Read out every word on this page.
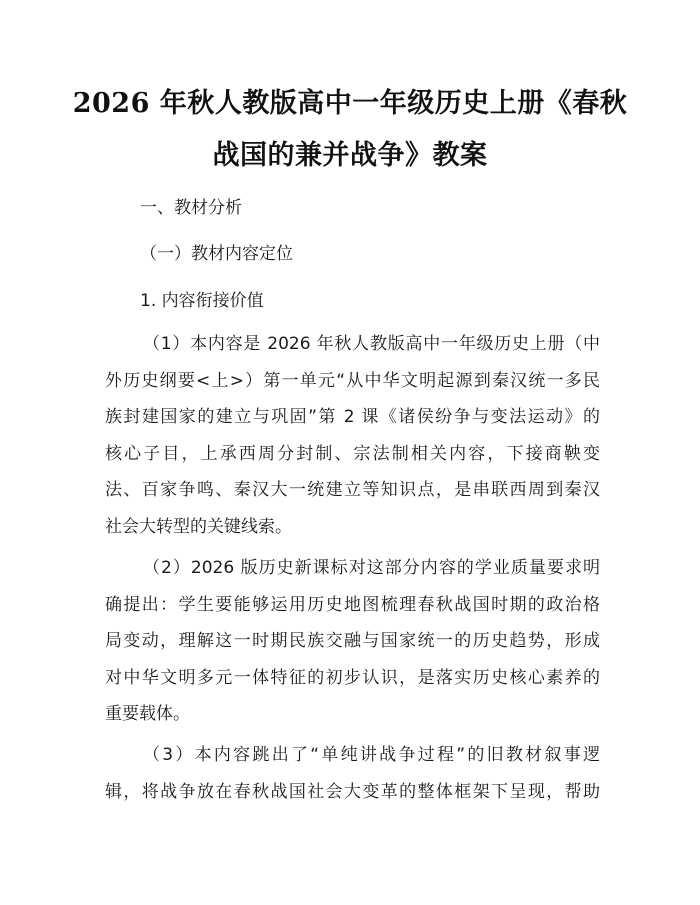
2026 年秋人教版高中一年级历史上册《春秋
战国的兼并战争》教案
一、教材分析
（一）教材内容定位
1. 内容衔接价值
（1）本内容是 2026 年秋人教版高中一年级历史上册（中
外历史纲要<上>）第一单元“从中华文明起源到秦汉统一多民
族封建国家的建立与巩固”第 2 课《诸侯纷争与变法运动》的
核心子目，上承西周分封制、宗法制相关内容，下接商鞅变
法、百家争鸣、秦汉大一统建立等知识点，是串联西周到秦汉
社会大转型的关键线索。
（2）2026 版历史新课标对这部分内容的学业质量要求明
确提出：学生要能够运用历史地图梳理春秋战国时期的政治格
局变动，理解这一时期民族交融与国家统一的历史趋势，形成
对中华文明多元一体特征的初步认识，是落实历史核心素养的
重要载体。
（3）本内容跳出了“单纯讲战争过程”的旧教材叙事逻
辑，将战争放在春秋战国社会大变革的整体框架下呈现，帮助
